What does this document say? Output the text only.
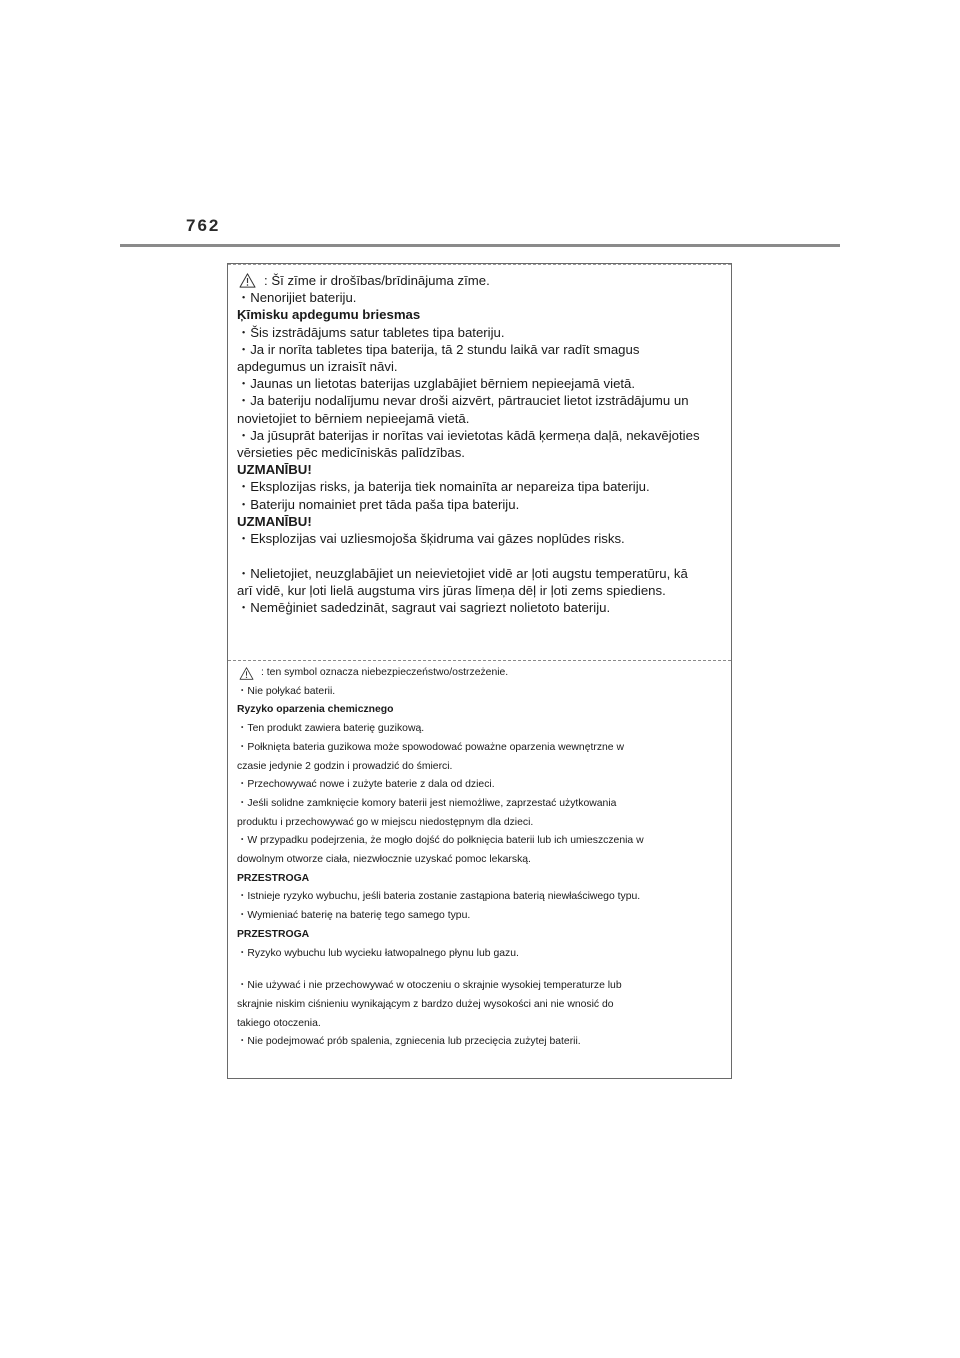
762
: Šī zīme ir drošības/brīdinājuma zīme.
・ Nenorijiet bateriju.
Ķīmisku apdegumu briesmas
・ Šis izstrādājums satur tabletes tipa bateriju.
・ Ja ir norīta tabletes tipa baterija, tā 2 stundu laikā var radīt smagus
apdegumus un izraisīt nāvi.
・ Jaunas un lietotas baterijas uzglabājiet bērniem nepieejamā vietā.
・ Ja bateriju nodalījumu nevar droši aizvērt, pārtrauciet lietot izstrādājumu un
novietojiet to bērniem nepieejamā vietā.
・ Ja jūsuprāt baterijas ir norītas vai ievietotas kādā ķermeņa daļā, nekavējoties
vērsieties pēc medicīniskās palīdzības.
UZMANĪBU!
・ Eksplozijas risks, ja baterija tiek nomainīta ar nepareiza tipa bateriju.
・ Bateriju nomainiet pret tāda paša tipa bateriju.
UZMANĪBU!
・ Eksplozijas vai uzliesmojoša šķidruma vai gāzes noplūdes risks.
・ Nelietojiet, neuzglabājiet un neievietojiet vidē ar ļoti augstu temperatūru, kā
arī vidē, kur ļoti lielā augstuma virs jūras līmeņa dēļ ir ļoti zems spiediens.
・ Nemēģiniet sadedzināt, sagraut vai sagriezt nolietoto bateriju.
: ten symbol oznacza niebezpieczeństwo/ostrzeżenie.
・ Nie połykać baterii.
Ryzyko oparzenia chemicznego
・ Ten produkt zawiera baterię guzikową.
・ Połknięta bateria guzikowa może spowodować poważne oparzenia wewnętrzne w
czasie jedynie 2 godzin i prowadzić do śmierci.
・ Przechowywać nowe i zużyte baterie z dala od dzieci.
・ Jeśli solidne zamknięcie komory baterii jest niemożliwe, zaprzestać użytkowania
produktu i przechowywać go w miejscu niedostępnym dla dzieci.
・ W przypadku podejrzenia, że mogło dojść do połknięcia baterii lub ich umieszczenia w
dowolnym otworze ciała, niezwłocznie uzyskać pomoc lekarską.
PRZESTROGA
・ Istnieje ryzyko wybuchu, jeśli bateria zostanie zastąpiona baterią niewłaściwego typu.
・ Wymieniać baterię na baterię tego samego typu.
PRZESTROGA
・ Ryzyko wybuchu lub wycieku łatwopalnego płynu lub gazu.
・ Nie używać i nie przechowywać w otoczeniu o skrajnie wysokiej temperaturze lub
skrajnie niskim ciśnieniu wynikającym z bardzo dużej wysokości ani nie wnosić do
takiego otoczenia.
・ Nie podejmować prób spalenia, zgniecenia lub przecięcia zużytej baterii.
